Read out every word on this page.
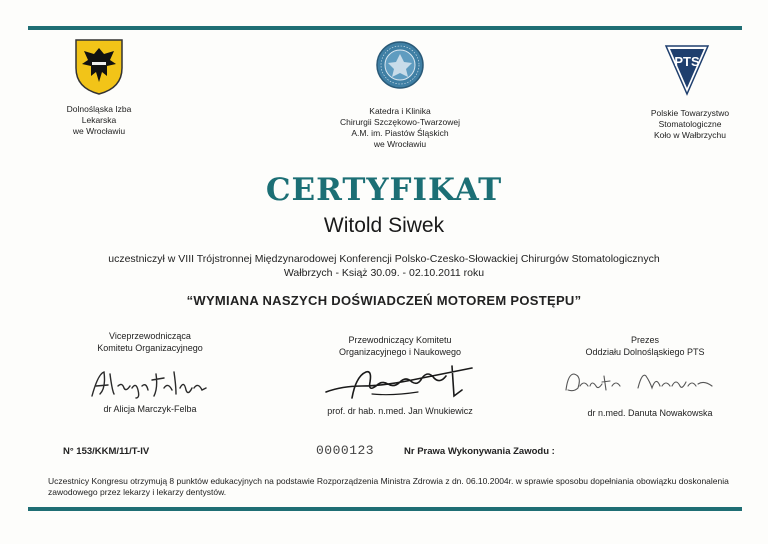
Dolnośląska Izba
Lekarska
we Wrocławiu
Katedra i Klinika
Chirurgii Szczękowo-Twarzowej
A.M. im. Piastów Śląskich
we Wrocławiu
PTS
Polskie Towarzystwo
Stomatologiczne
Koło w Wałbrzychu
CERTYFIKAT
Witold Siwek
uczestniczył w VIII Trójstronnej Międzynarodowej Konferencji Polsko-Czesko-Słowackiej Chirurgów Stomatologicznych
Wałbrzych - Książ 30.09. - 02.10.2011 roku
“WYMIANA NASZYCH DOŚWIADCZEŃ MOTOREM POSTĘPU”
Viceprzewodnicząca
Komitetu Organizacyjnego
Przewodniczący Komitetu
Organizacyjnego i Naukowego
Prezes
Oddziału Dolnośląskiego PTS
dr Alicja Marczyk-Felba	prof. dr hab. n.med. Jan Wnukiewicz	dr n.med. Danuta Nowakowska
N° 153/KKM/11/T-IV	0000123	Nr Prawa Wykonywania Zawodu :
Uczestnicy Kongresu otrzymują 8 punktów edukacyjnych na podstawie Rozporządzenia Ministra Zdrowia z dn. 06.10.2004r. w sprawie sposobu dopełniania obowiązku doskonalenia zawodowego przez lekarzy i lekarzy dentystów.
